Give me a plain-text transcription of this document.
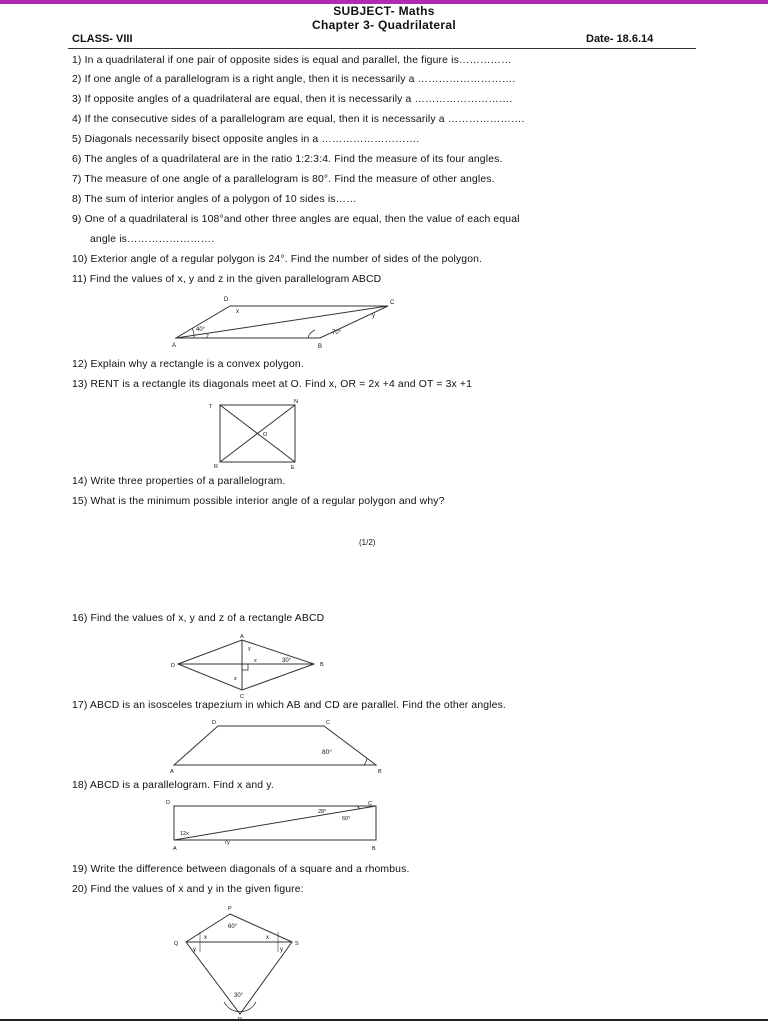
SUBJECT- Maths
Chapter 3- Quadrilateral
CLASS- VIII	Date- 18.6.14
1) In a quadrilateral if one pair of opposite sides is equal and parallel, the figure is……………
2) If one angle of a parallelogram is a right angle, then it is necessarily a ……………………….
3) If opposite angles of a quadrilateral are equal, then it is necessarily a ……………………….
4) If the consecutive sides of a parallelogram are equal, then it is necessarily a ………………….
5) Diagonals necessarily bisect opposite angles in a ……………………….
6) The angles of a quadrilateral are in the ratio 1:2:3:4. Find the measure of its four angles.
7) The measure of one angle of a parallelogram is 80°. Find the measure of other angles.
8) The sum of interior angles of a polygon of 10 sides is……
9) One of a quadrilateral is 108°and other three angles are equal, then the value of each equal
angle is…………………….
10) Exterior angle of a regular polygon is 24°. Find the number of sides of the polygon.
11) Find the values of x, y and z in the given parallelogram ABCD
A	B
C
D
40°	70°
x
y
z
12) Explain why a rectangle is a convex polygon.
13) RENT is a rectangle its diagonals meet at O. Find x, OR = 2x +4 and OT = 3x +1
T
N
R	E
O
14) Write three properties of a parallelogram.
15) What is the minimum possible interior angle of a regular polygon and why?
(1/2)
16) Find the values of x, y and z of a rectangle ABCD
A
B
C
D
30°
x
y
z
17) ABCD is an isosceles trapezium in which AB and CD are parallel. Find the other angles.
A	B
C
D
80°
18) ABCD is a parallelogram. Find x and y.
D	C
A	B
28°
60°
12x
7y
19) Write the difference between diagonals of a square and a rhombus.
20) Find the values of x and y in the given figure:
P
Q	S
60°
30°
x	x
y	y
